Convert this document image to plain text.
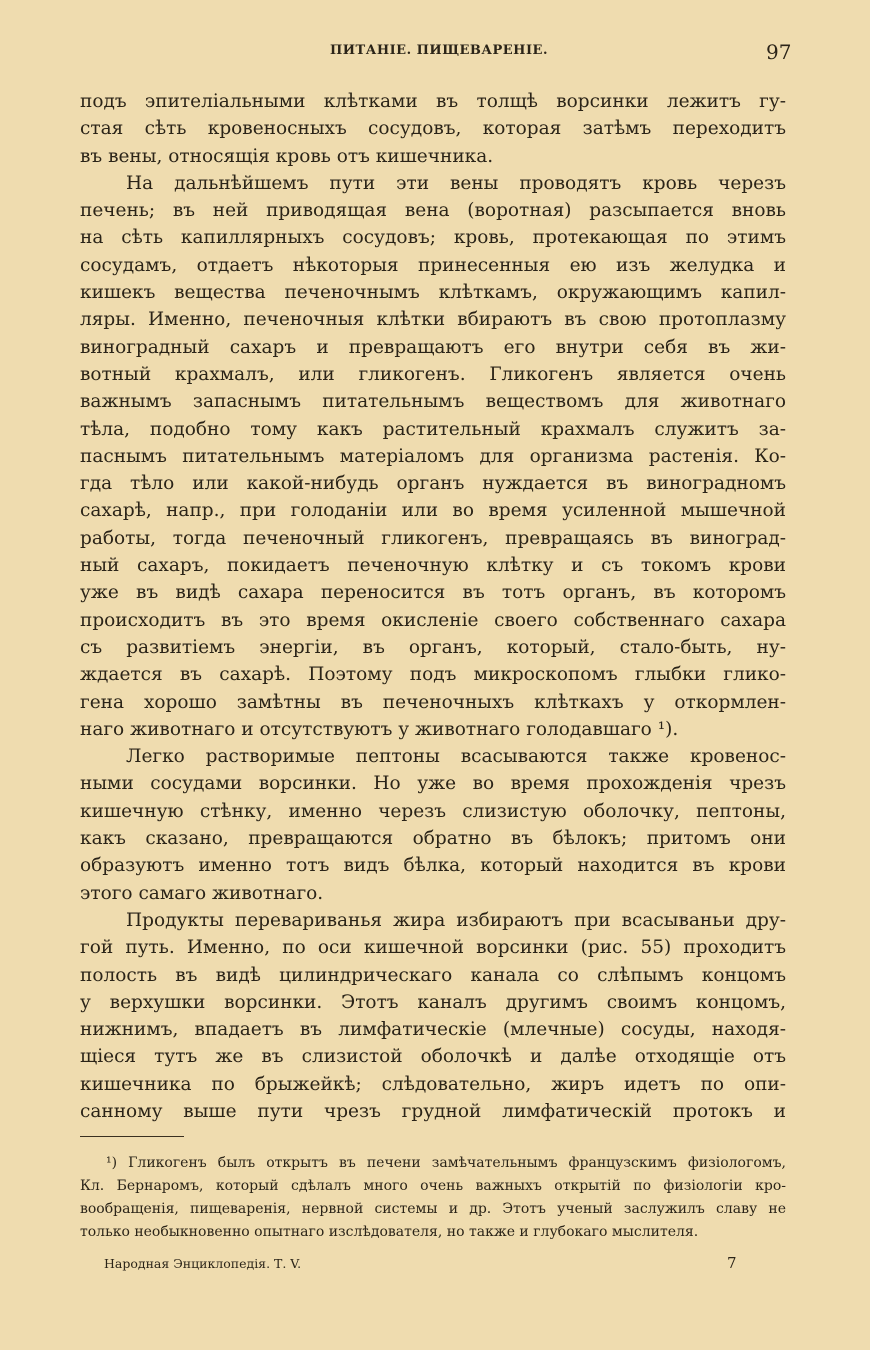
ПИТАНІЕ. ПИЩЕВАРЕНІЕ.	97
подъ эпителіальными клѣтками въ толщѣ ворсинки лежитъ гу-
стая сѣть кровеносныхъ сосудовъ, которая затѣмъ переходитъ
въ вены, относящія кровь отъ кишечника.
На дальнѣйшемъ пути эти вены проводятъ кровь черезъ
печень; въ ней приводящая вена (воротная) разсыпается вновь
на сѣть капиллярныхъ сосудовъ; кровь, протекающая по этимъ
сосудамъ, отдаетъ нѣкоторыя принесенныя ею изъ желудка и
кишекъ вещества печеночнымъ клѣткамъ, окружающимъ капил-
ляры. Именно, печеночныя клѣтки вбираютъ въ свою протоплазму
виноградный сахаръ и превращаютъ его внутри себя въ жи-
вотный крахмалъ, или гликогенъ. Гликогенъ является очень
важнымъ запаснымъ питательнымъ веществомъ для животнаго
тѣла, подобно тому какъ растительный крахмалъ служитъ за-
паснымъ питательнымъ матеріаломъ для организма растенія. Ко-
гда тѣло или какой-нибудь органъ нуждается въ виноградномъ
сахарѣ, напр., при голоданіи или во время усиленной мышечной
работы, тогда печеночный гликогенъ, превращаясь въ виноград-
ный сахаръ, покидаетъ печеночную клѣтку и съ токомъ крови
уже въ видѣ сахара переносится въ тотъ органъ, въ которомъ
происходитъ въ это время окисленіе своего собственнаго сахара
съ развитіемъ энергіи, въ органъ, который, стало-быть, ну-
ждается въ сахарѣ. Поэтому подъ микроскопомъ глыбки глико-
гена хорошо замѣтны въ печеночныхъ клѣткахъ у откормлен-
наго животнаго и отсутствуютъ у животнаго голодавшаго ¹).
Легко растворимые пептоны всасываются также кровенос-
ными сосудами ворсинки. Но уже во время прохожденія чрезъ
кишечную стѣнку, именно черезъ слизистую оболочку, пептоны,
какъ сказано, превращаются обратно въ бѣлокъ; притомъ они
образуютъ именно тотъ видъ бѣлка, который находится въ крови
этого самаго животнаго.
Продукты перевариванья жира избираютъ при всасываньи дру-
гой путь. Именно, по оси кишечной ворсинки (рис. 55) проходитъ
полость въ видѣ цилиндрическаго канала со слѣпымъ концомъ
у верхушки ворсинки. Этотъ каналъ другимъ своимъ концомъ,
нижнимъ, впадаетъ въ лимфатическіе (млечные) сосуды, находя-
щіеся тутъ же въ слизистой оболочкѣ и далѣе отходящіе отъ
кишечника по брыжейкѣ; слѣдовательно, жиръ идетъ по опи-
санному выше пути чрезъ грудной лимфатическій протокъ и
¹) Гликогенъ былъ открытъ въ печени замѣчательнымъ французскимъ физіологомъ,
Кл. Бернаромъ, который сдѣлалъ много очень важныхъ открытій по физіологіи кро-
вообращенія, пищеваренія, нервной системы и др. Этотъ ученый заслужилъ славу не
только необыкновенно опытнаго изслѣдователя, но также и глубокаго мыслителя.
Народная Энциклопедія. Т. V.	7
